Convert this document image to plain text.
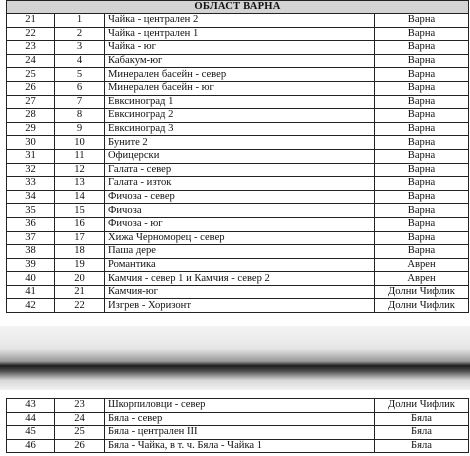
ОБЛАСТ ВАРНА			
21	1	Чайка - централен 2	Варна
22	2	Чайка - централен 1	Варна
23	3	Чайка - юг	Варна
24	4	Кабакум-юг	Варна
25	5	Минерален басейн - север	Варна
26	6	Минерален басейн - юг	Варна
27	7	Евксиноград 1	Варна
28	8	Евксиноград 2	Варна
29	9	Евксиноград 3	Варна
30	10	Буните 2	Варна
31	11	Офицерски	Варна
32	12	Галата - север	Варна
33	13	Галата - изток	Варна
34	14	Фичоза - север	Варна
35	15	Фичоза	Варна
36	16	Фичоза - юг	Варна
37	17	Хижа Черноморец - север	Варна
38	18	Паша дере	Варна
39	19	Романтика	Аврен
40	20	Камчия - север 1 и Камчия - север 2	Аврен
41	21	Камчия-юг	Долни Чифлик
42	22	Изгрев - Хоризонт	Долни Чифлик
43	23	Шкорпиловци - север	Долни Чифлик
44	24	Бяла - север	Бяла
45	25	Бяла - централен III	Бяла
46	26	Бяла - Чайка, в т. ч. Бяла - Чайка 1	Бяла
